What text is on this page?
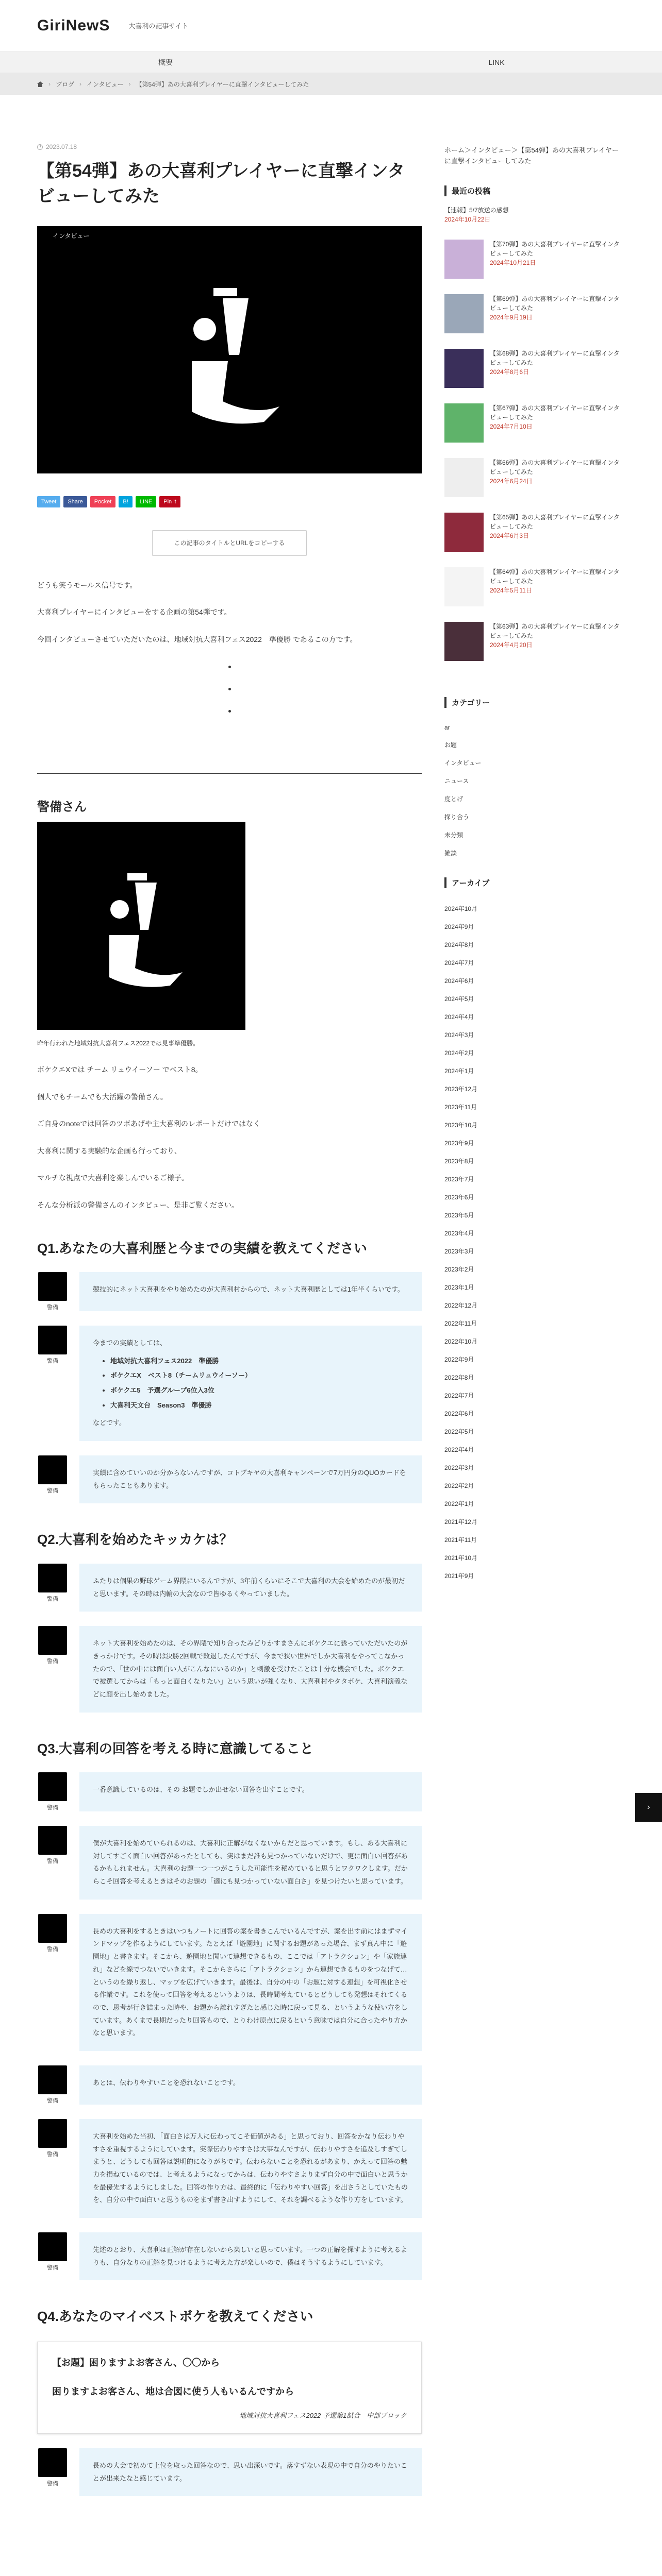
GiriNewS	大喜利の記事サイト
概要	LINK
› ブログ › インタビュー › 【第54弾】あの大喜利プレイヤーに直撃インタビューしてみた
2023.07.18
【第54弾】あの大喜利プレイヤーに直撃インタビューしてみた
インタビュー
Tweet	Share	Pocket	B!	LINE	Pin it
この記事のタイトルとURLをコピーする

どうも笑うモールス信号です。

大喜利プレイヤーにインタビューをする企画の第54弾です。

今回インタビューさせていただいたのは、地域対抗大喜利フェス2022　準優勝 であるこの方です。

警備さん

昨年行われた地域対抗大喜利フェス2022では見事準優勝。

ボケクエXでは チーム リュウイーソー でベスト8。

個人でもチームでも大活躍の警備さん。

ご自身のnoteでは回答のツボあげや主大喜利のレポートだけではなく

大喜利に関する実験的な企画も行っており、

マルチな視点で大喜利を楽しんでいるご様子。

そんな分析派の警備さんのインタビュー、是非ご覧ください。

Q1.あなたの大喜利歴と今までの実績を教えてください
警備
競技的にネット大喜利をやり始めたのが大喜利村からので、ネット大喜利歴としては1年半くらいです。
警備
今までの実績としては、
• 地域対抗大喜利フェス2022　準優勝
• ボケクエX　ベスト8（チームリュウイーソー）
• ボケクエ5　予選グループ6位入3位
• 大喜利天文台　Season3　準優勝
などです。
警備
実績に含めていいのか分からないんですが、コトブキヤの大喜利キャンペーンで7万円分のQUOカードをもらったこともあります。
Q2.大喜利を始めたキッカケは？
警備
ふたりは個果の野球ゲーム界隈にいるんですが、3年前くらいにそこで大喜利の大会を始めたのが最初だと思います。その時は内輪の大会なので皆ゆるくやっていました。
警備
ネット大喜利を始めたのは、その界隈で知り合ったみどりかすまさんにボケクエに誘っていただいたのがきっかけです。その時は決勝2回戦で敗退したんですが、今まで狭い世界でしか大喜利をやってこなかったので、「世の中には面白い人がこんなにいるのか」と刺激を受けたことは十分な機会でした。ボケクエで被選してからは「もっと面白くなりたい」という思いが強くなり、大喜利村やタタボケ、大喜利演義などに顔を出し始めました。
Q3.大喜利の回答を考える時に意識してること
警備
一番意識しているのは、その お題でしか出せない回答を出すことです。
警備
僕が大喜利を始めていられるのは、大喜利に正解がなくないからだと思っています。もし、ある大喜利に対してすごく面白い回答があったとしても、実はまだ誰も見つかっていないだけで、更に面白い回答があるかもしれません。大喜利のお題一つ一つがこうした可能性を秘めていると思うとワクワクします。だからこそ回答を考えるときはそのお題の「適にも見つかっていない面白さ」を見つけたいと思っています。
警備
長めの大喜利をするときはいつもノートに回答の案を書きこんでいるんですが、案を出す前にはまずマインドマップを作るようにしています。たとえば「遊園地」に関するお題があった場合、まず真ん中に「遊園地」と書きます。そこから、遊園地と聞いて連想できるもの、ここでは「アトラクション」や「家族連れ」などを線でつないでいきます。そこからさらに「アトラクション」から連想できるものをつなげて…というのを繰り返し、マップを広げていきます。最後は、自分の中の「お題に対する連想」を可視化させる作業です。これを使って回答を考えるというよりは、長時間考えているとどうしても発想はそれてくるので、思考が行き詰まった時や、お題から離れすぎたと感じた時に戻って見る、というような使い方をしています。あくまで長期だったり回答もので、とりわけ原点に戻るという意味では自分に合ったやり方かなと思います。
警備
あとは、伝わりやすいことを恐れないことです。
警備
大喜利を始めた当初、「面白さは万人に伝わってこそ価値がある」と思っており、回答をかなり伝わりやすさを重視するようにしています。実際伝わりやすさは大事なんですが、伝わりやすさを追及しすぎてしまうと、どうしても回答は説明的になりがちです。伝わらないことを恐れるがあまり、かえって回答の魅力を損ねているのでは、と考えるようになってからは、伝わりやすさよりまず自分の中で面白いと思うかを最優先するようにしました。回答の作り方は、最終的に「伝わりやすい回答」を出さうとしていたものを、自分の中で面白いと思うものをまず書き出すようにして、それを調べるような作り方をしています。
警備
先述のとおり、大喜利は正解が存在しないから楽しいと思っています。一つの正解を探すように考えるよりも、自分なりの正解を見つけるように考えた方が楽しいので、僕はそうするようにしています。
Q4.あなたのマイベストボケを教えてください
【お題】困りますよお客さん、〇〇から
困りますよお客さん、地は合図に使う人もいるんですから
地域対抗大喜利フェス2022 予選第1試合　中部ブロック
警備
長めの大会で初めて上位を取った回答なので、思い出深いです。落すずない表現の中で自分のやりたいことが出来たなと感じています。
ホーム＞インタビュー＞【第54弾】あの大喜利プレイヤーに直撃インタビューしてみた
最近の投稿
【速報】5/7放送の感想
2024年10月22日
【第70弾】あの大喜利プレイヤーに直撃インタビューしてみた
2024年10月21日
【第69弾】あの大喜利プレイヤーに直撃インタビューしてみた
2024年9月19日
【第68弾】あの大喜利プレイヤーに直撃インタビューしてみた
2024年8月6日
【第67弾】あの大喜利プレイヤーに直撃インタビューしてみた
2024年7月10日
【第66弾】あの大喜利プレイヤーに直撃インタビューしてみた
2024年6月24日
【第65弾】あの大喜利プレイヤーに直撃インタビューしてみた
2024年6月3日
【第64弾】あの大喜利プレイヤーに直撃インタビューしてみた
2024年5月11日
【第63弾】あの大喜利プレイヤーに直撃インタビューしてみた
2024年4月20日
カテゴリー
ar
お題
インタビュー
ニュース
度とげ
探り合う
未分類
雑談
アーカイブ
2024年10月
2024年9月
2024年8月
2024年7月
2024年6月
2024年5月
2024年4月
2024年3月
2024年2月
2024年1月
2023年12月
2023年11月
2023年10月
2023年9月
2023年8月
2023年7月
2023年6月
2023年5月
2023年4月
2023年3月
2023年2月
2023年1月
2022年12月
2022年11月
2022年10月
2022年9月
2022年8月
2022年7月
2022年6月
2022年5月
2022年4月
2022年3月
2022年2月
2022年1月
2021年12月
2021年11月
2021年10月
2021年9月
›
